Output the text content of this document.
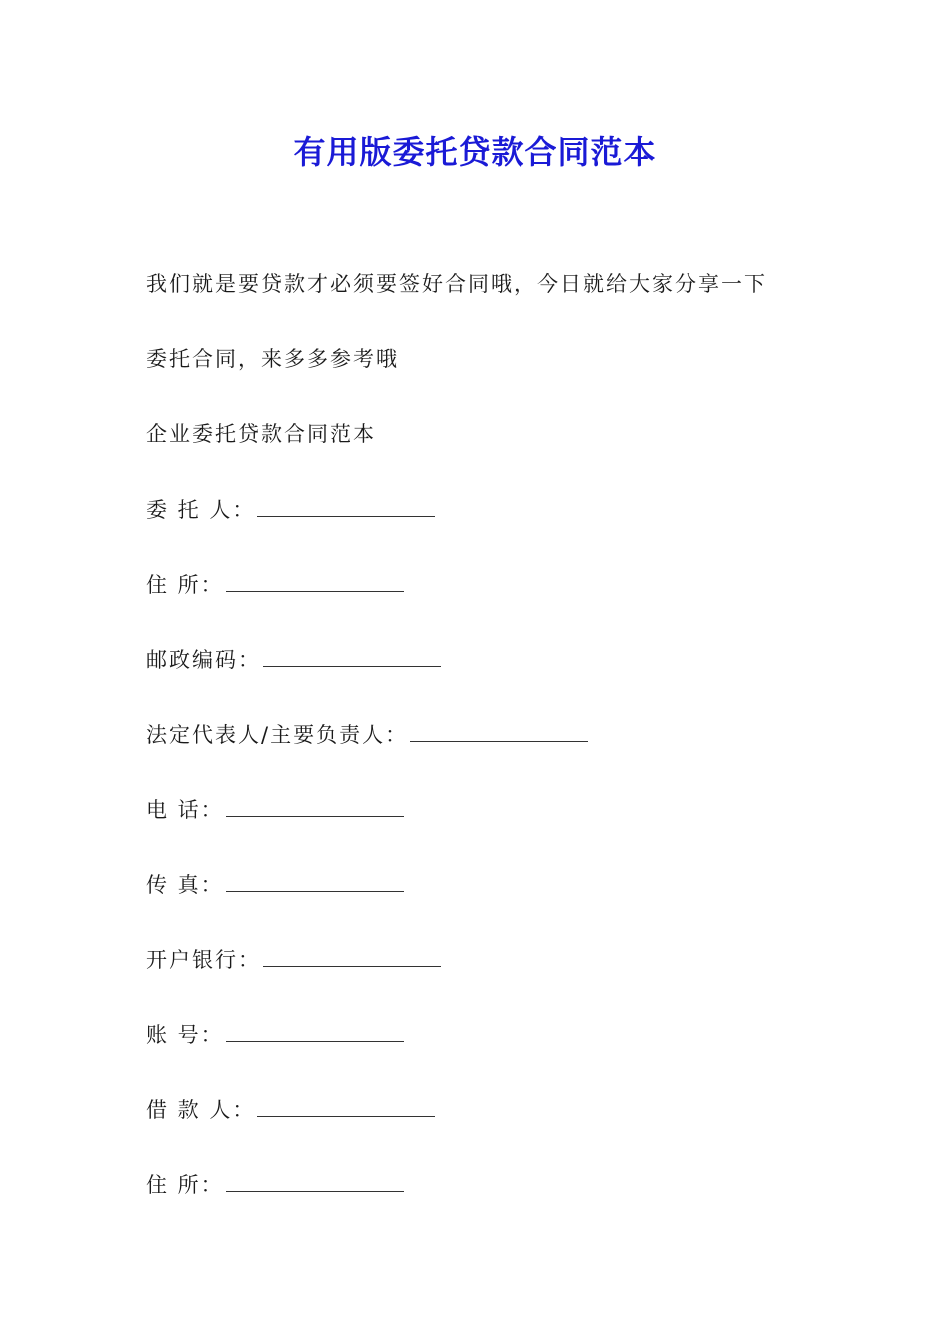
有用版委托贷款合同范本
我们就是要贷款才必须要签好合同哦，今日就给大家分享一下
委托合同，来多多参考哦
企业委托贷款合同范本
委 托 人：
住 所：
邮政编码：
法定代表人/主要负责人：
电 话：
传 真：
开户银行：
账 号：
借 款 人：
住 所：
